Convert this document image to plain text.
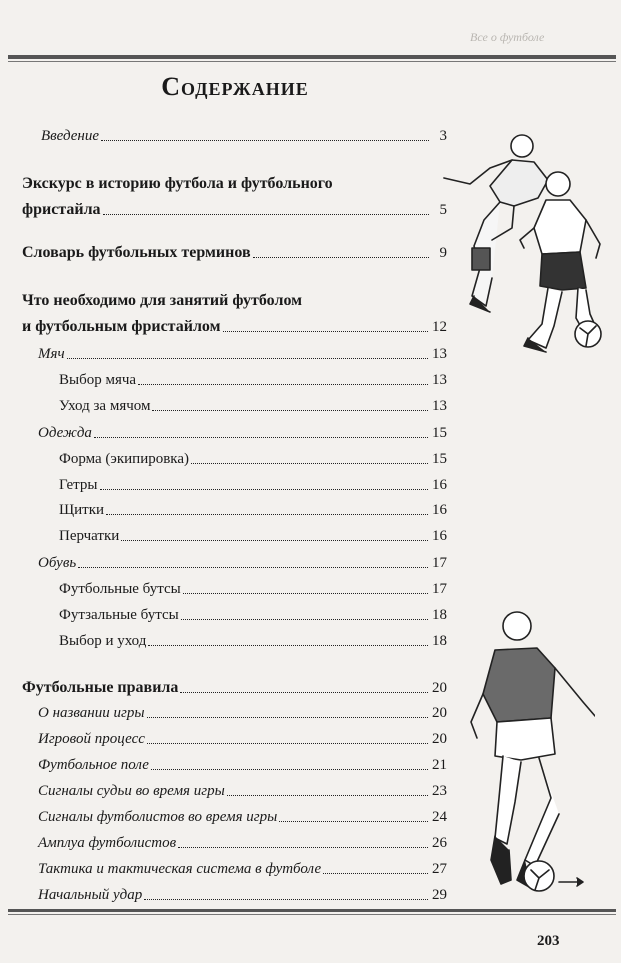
Все о футболе
Содержание
Введение	3
Экскурс в историю футбола и футбольного
фристайла	5
Словарь футбольных терминов	9
Что необходимо для занятий футболом
и футбольным фристайлом	12
Мяч	13
Выбор мяча	13
Уход за мячом	13
Одежда	15
Форма (экипировка)	15
Гетры	16
Щитки	16
Перчатки	16
Обувь	17
Футбольные бутсы	17
Футзальные бутсы	18
Выбор и уход	18
Футбольные правила	20
О названии игры	20
Игровой процесс	20
Футбольное поле	21
Сигналы судьи во время игры	23
Сигналы футболистов во время игры	24
Амплуа футболистов	26
Тактика и тактическая система в футболе	27
Начальный удар	29
203
